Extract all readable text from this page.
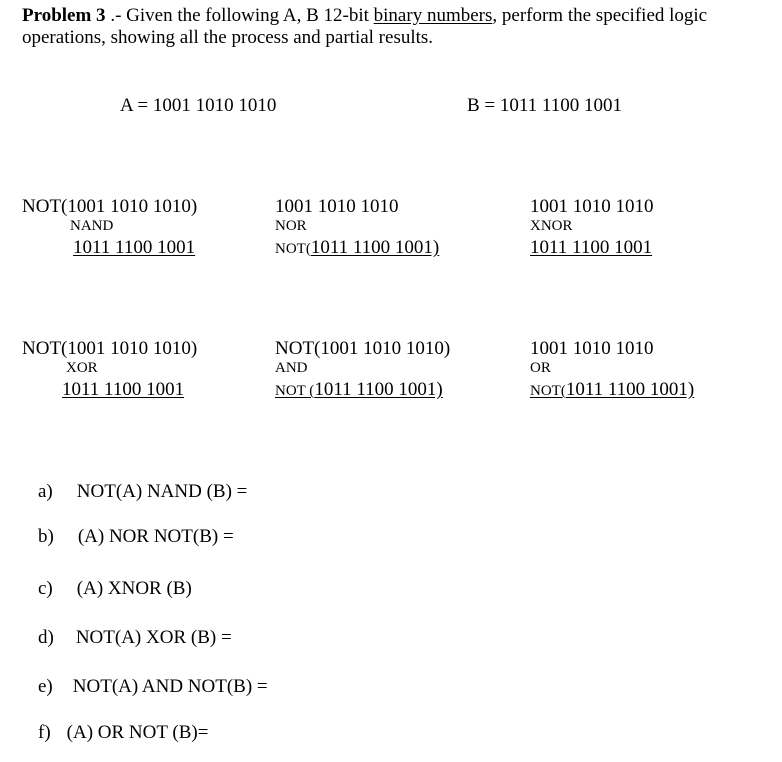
Problem 3 .- Given the following A, B 12-bit binary numbers, perform the specified logic operations, showing all the process and partial results.
A = 1001 1010 1010	B = 1011 1100 1001
NOT(1001 1010 1010)
NAND
1011 1100 1001
1001 1010 1010
NOR
NOT(1011 1100 1001)
1001 1010 1010
XNOR
1011 1100 1001
NOT(1001 1010 1010)
XOR
1011 1100 1001
NOT(1001 1010 1010)
AND
NOT (1011 1100 1001)
1001 1010 1010
OR
NOT(1011 1100 1001)
a) NOT(A) NAND (B) =
b) (A) NOR NOT(B) =
c) (A) XNOR (B)
d) NOT(A) XOR (B) =
e) NOT(A) AND NOT(B) =
f) (A) OR NOT (B)=
